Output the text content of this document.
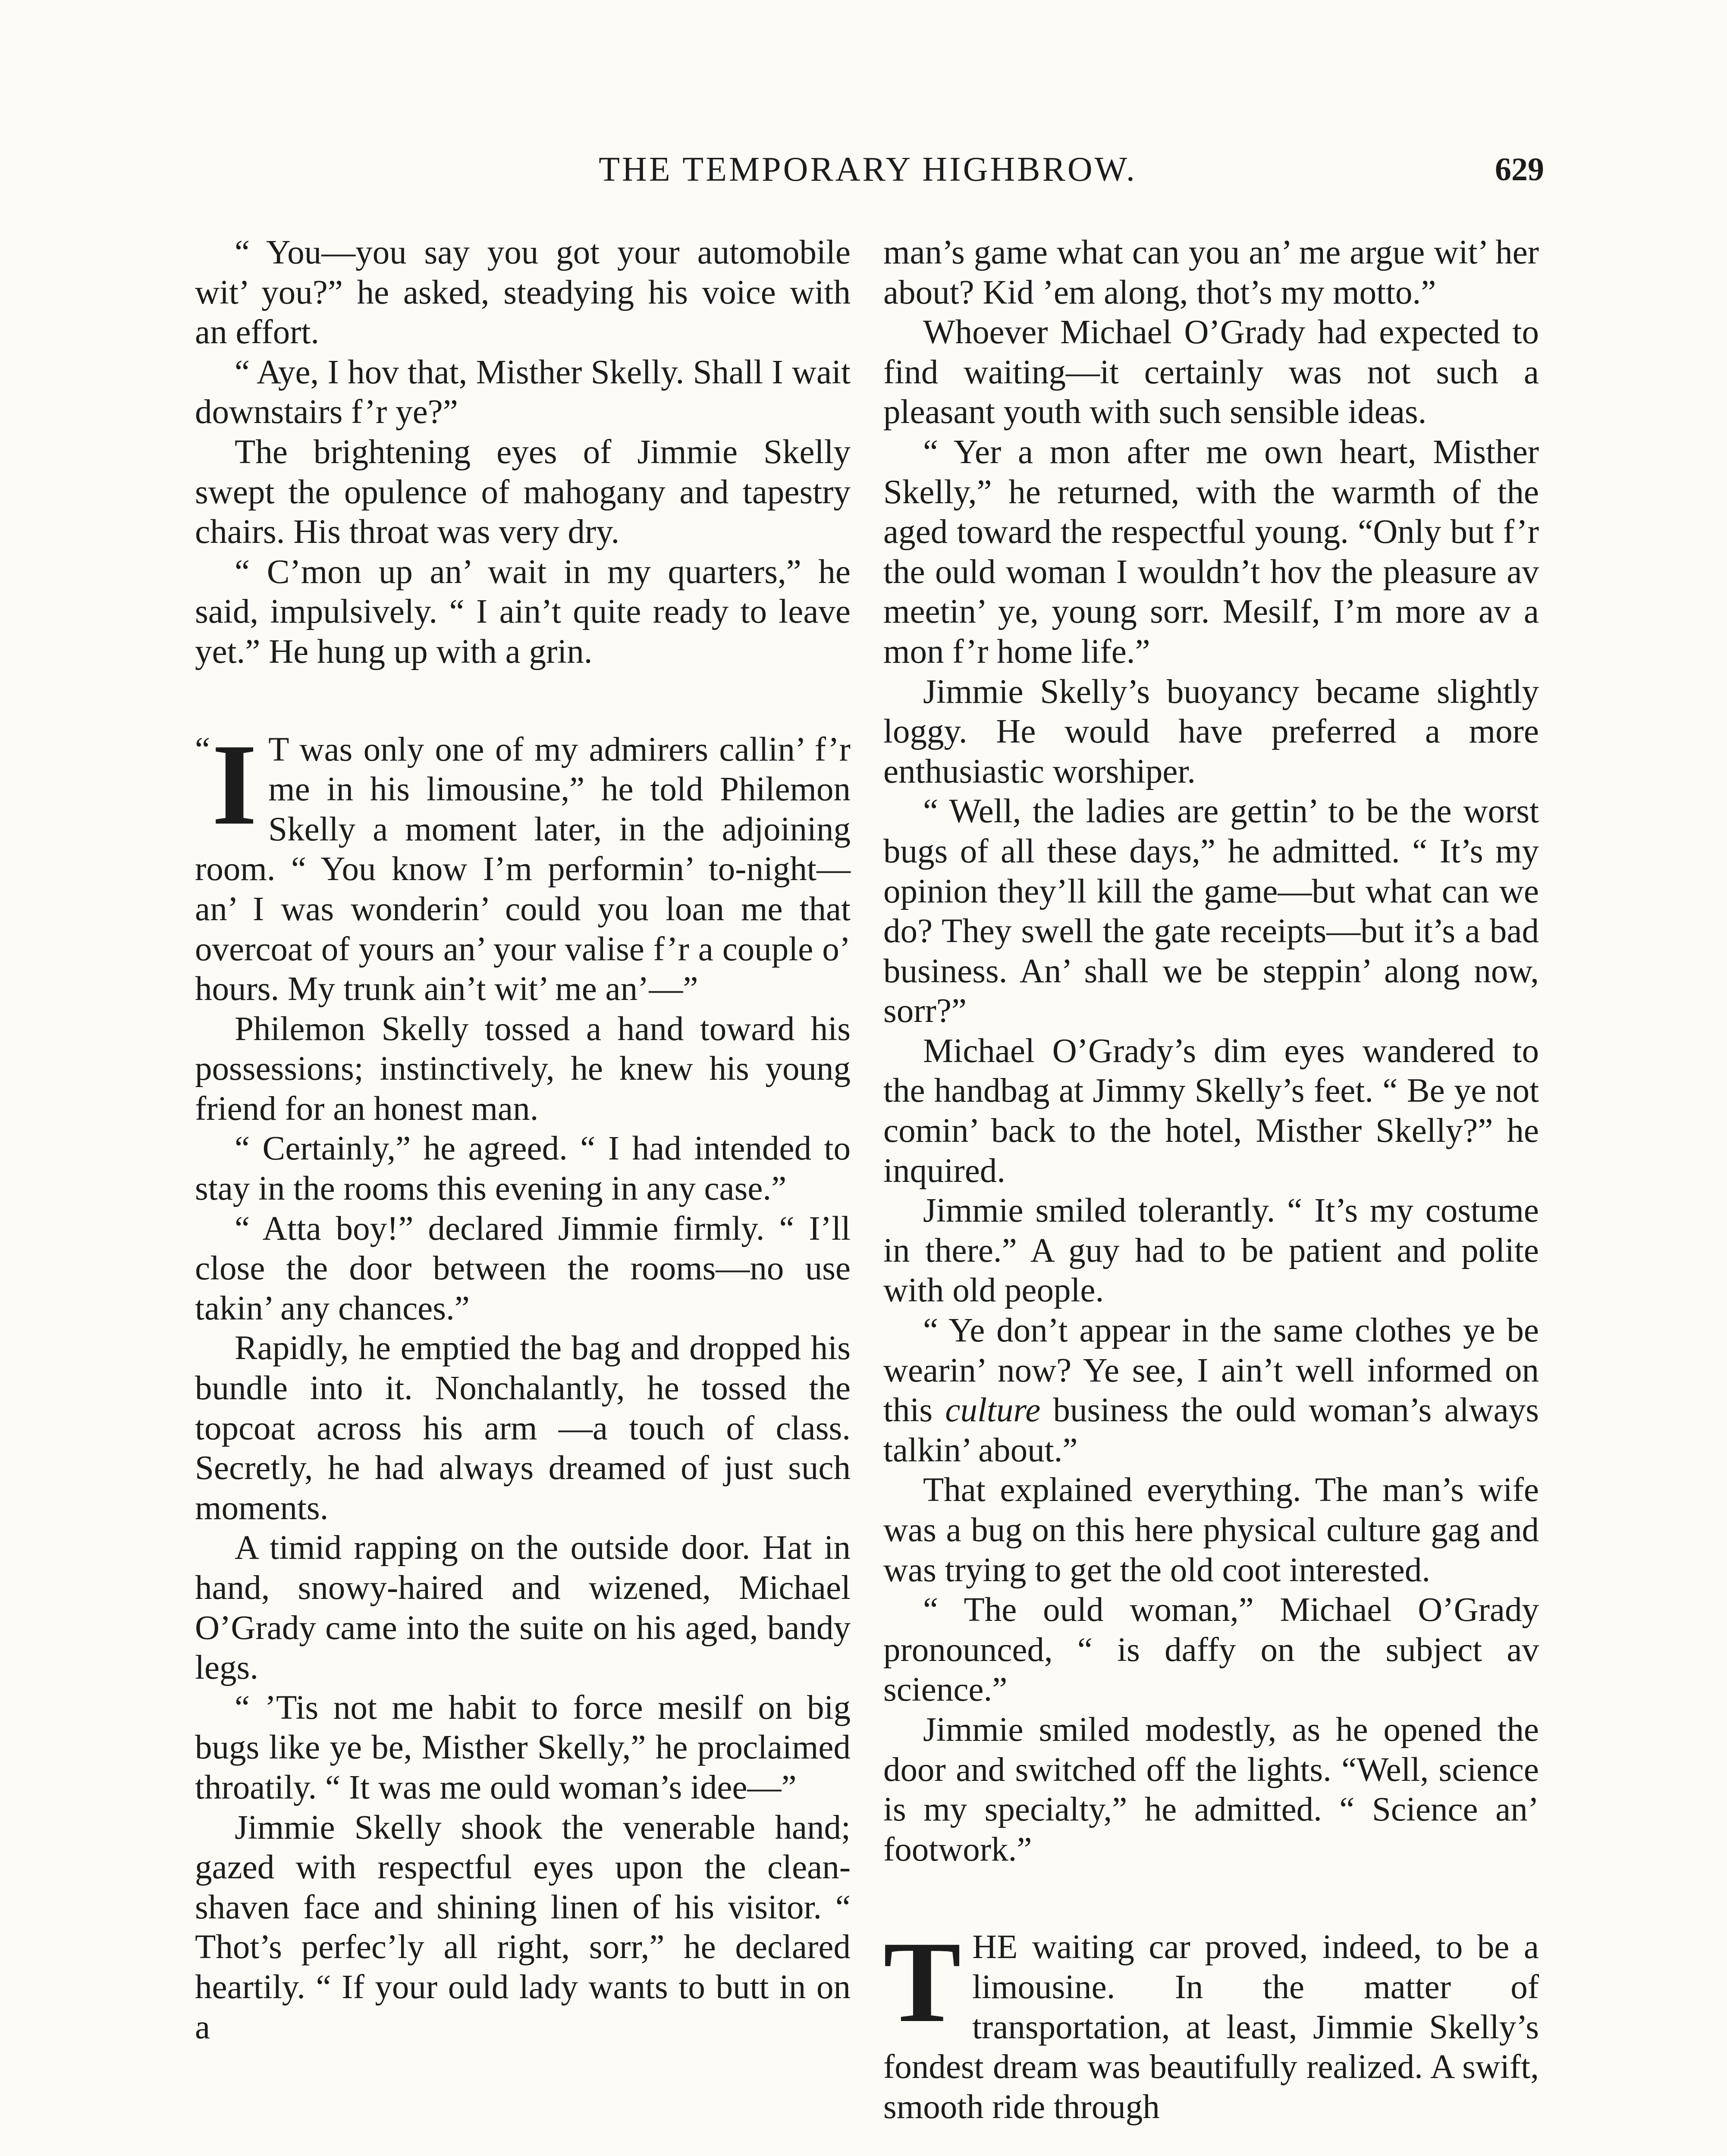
THE TEMPORARY HIGHBROW.	629

“ You—you say you got your automobile wit’ you?” he asked, steadying his voice with an effort.

“ Aye, I hov that, Misther Skelly. Shall I wait downstairs f’r ye?”

The brightening eyes of Jimmie Skelly swept the opulence of mahogany and tapestry chairs. His throat was very dry.

“ C’mon up an’ wait in my quarters,” he said, impulsively. “ I ain’t quite ready to leave yet.” He hung up with a grin.

“ I T was only one of my admirers callin’ f’r me in his limousine,” he told Philemon Skelly a moment later, in the adjoining room. “ You know I’m performin’ to-night—an’ I was wonderin’ could you loan me that overcoat of yours an’ your valise f’r a couple o’ hours. My trunk ain’t wit’ me an’—”

Philemon Skelly tossed a hand toward his possessions; instinctively, he knew his young friend for an honest man.

“ Certainly,” he agreed. “ I had intended to stay in the rooms this evening in any case.”

“ Atta boy!” declared Jimmie firmly. “ I’ll close the door between the rooms—no use takin’ any chances.”

Rapidly, he emptied the bag and dropped his bundle into it. Nonchalantly, he tossed the topcoat across his arm —a touch of class. Secretly, he had always dreamed of just such moments.

A timid rapping on the outside door. Hat in hand, snowy-haired and wizened, Michael O’Grady came into the suite on his aged, bandy legs.

“ ’Tis not me habit to force mesilf on big bugs like ye be, Misther Skelly,” he proclaimed throatily. “ It was me ould woman’s idee—”

Jimmie Skelly shook the venerable hand; gazed with respectful eyes upon the clean-shaven face and shining linen of his visitor. “ Thot’s perfec’ly all right, sorr,” he declared heartily. “ If your ould lady wants to butt in on a

man’s game what can you an’ me argue wit’ her about? Kid ’em along, thot’s my motto.”

Whoever Michael O’Grady had expected to find waiting—it certainly was not such a pleasant youth with such sensible ideas.

“ Yer a mon after me own heart, Misther Skelly,” he returned, with the warmth of the aged toward the respectful young. “Only but f’r the ould woman I wouldn’t hov the pleasure av meetin’ ye, young sorr. Mesilf, I’m more av a mon f’r home life.”

Jimmie Skelly’s buoyancy became slightly loggy. He would have preferred a more enthusiastic worshiper.

“ Well, the ladies are gettin’ to be the worst bugs of all these days,” he admitted. “ It’s my opinion they’ll kill the game—but what can we do? They swell the gate receipts—but it’s a bad business. An’ shall we be steppin’ along now, sorr?”

Michael O’Grady’s dim eyes wandered to the handbag at Jimmy Skelly’s feet. “ Be ye not comin’ back to the hotel, Misther Skelly?” he inquired.

Jimmie smiled tolerantly. “ It’s my costume in there.” A guy had to be patient and polite with old people.

“ Ye don’t appear in the same clothes ye be wearin’ now? Ye see, I ain’t well informed on this culture business the ould woman’s always talkin’ about.”

That explained everything. The man’s wife was a bug on this here physical culture gag and was trying to get the old coot interested.

“ The ould woman,” Michael O’Grady pronounced, “ is daffy on the subject av science.”

Jimmie smiled modestly, as he opened the door and switched off the lights. “Well, science is my specialty,” he admitted. “ Science an’ footwork.”

THE waiting car proved, indeed, to be a limousine. In the matter of transportation, at least, Jimmie Skelly’s fondest dream was beautifully realized. A swift, smooth ride through
